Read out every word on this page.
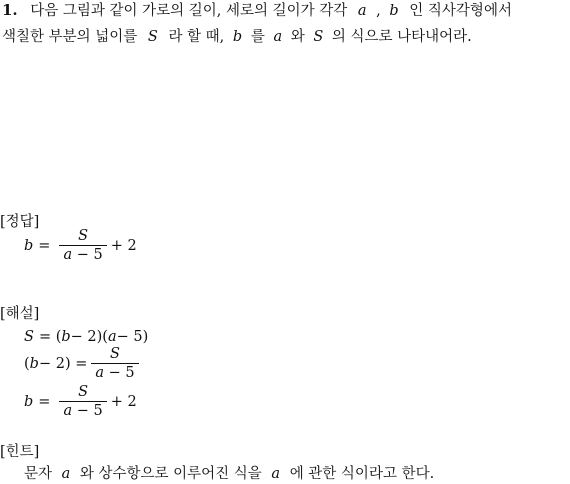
1. 다음 그림과 같이 가로의 길이, 세로의 길이가 각각 a , b 인 직사각형에서
색칠한 부분의 넓이를 S 라 할 때, b 를 a 와 S 의 식으로 나타내어라.
[정답]
$b = \frac{S}{a - 5} + 2$
[해설]
S = ( b − 2)( a − 5)
( $b - 2) = \frac{S}{a - 5}$
$b = \frac{S}{a - 5} + 2$
[힌트]
문자 a 와 상수항으로 이루어진 식을 a 에 관한 식이라고 한다.
